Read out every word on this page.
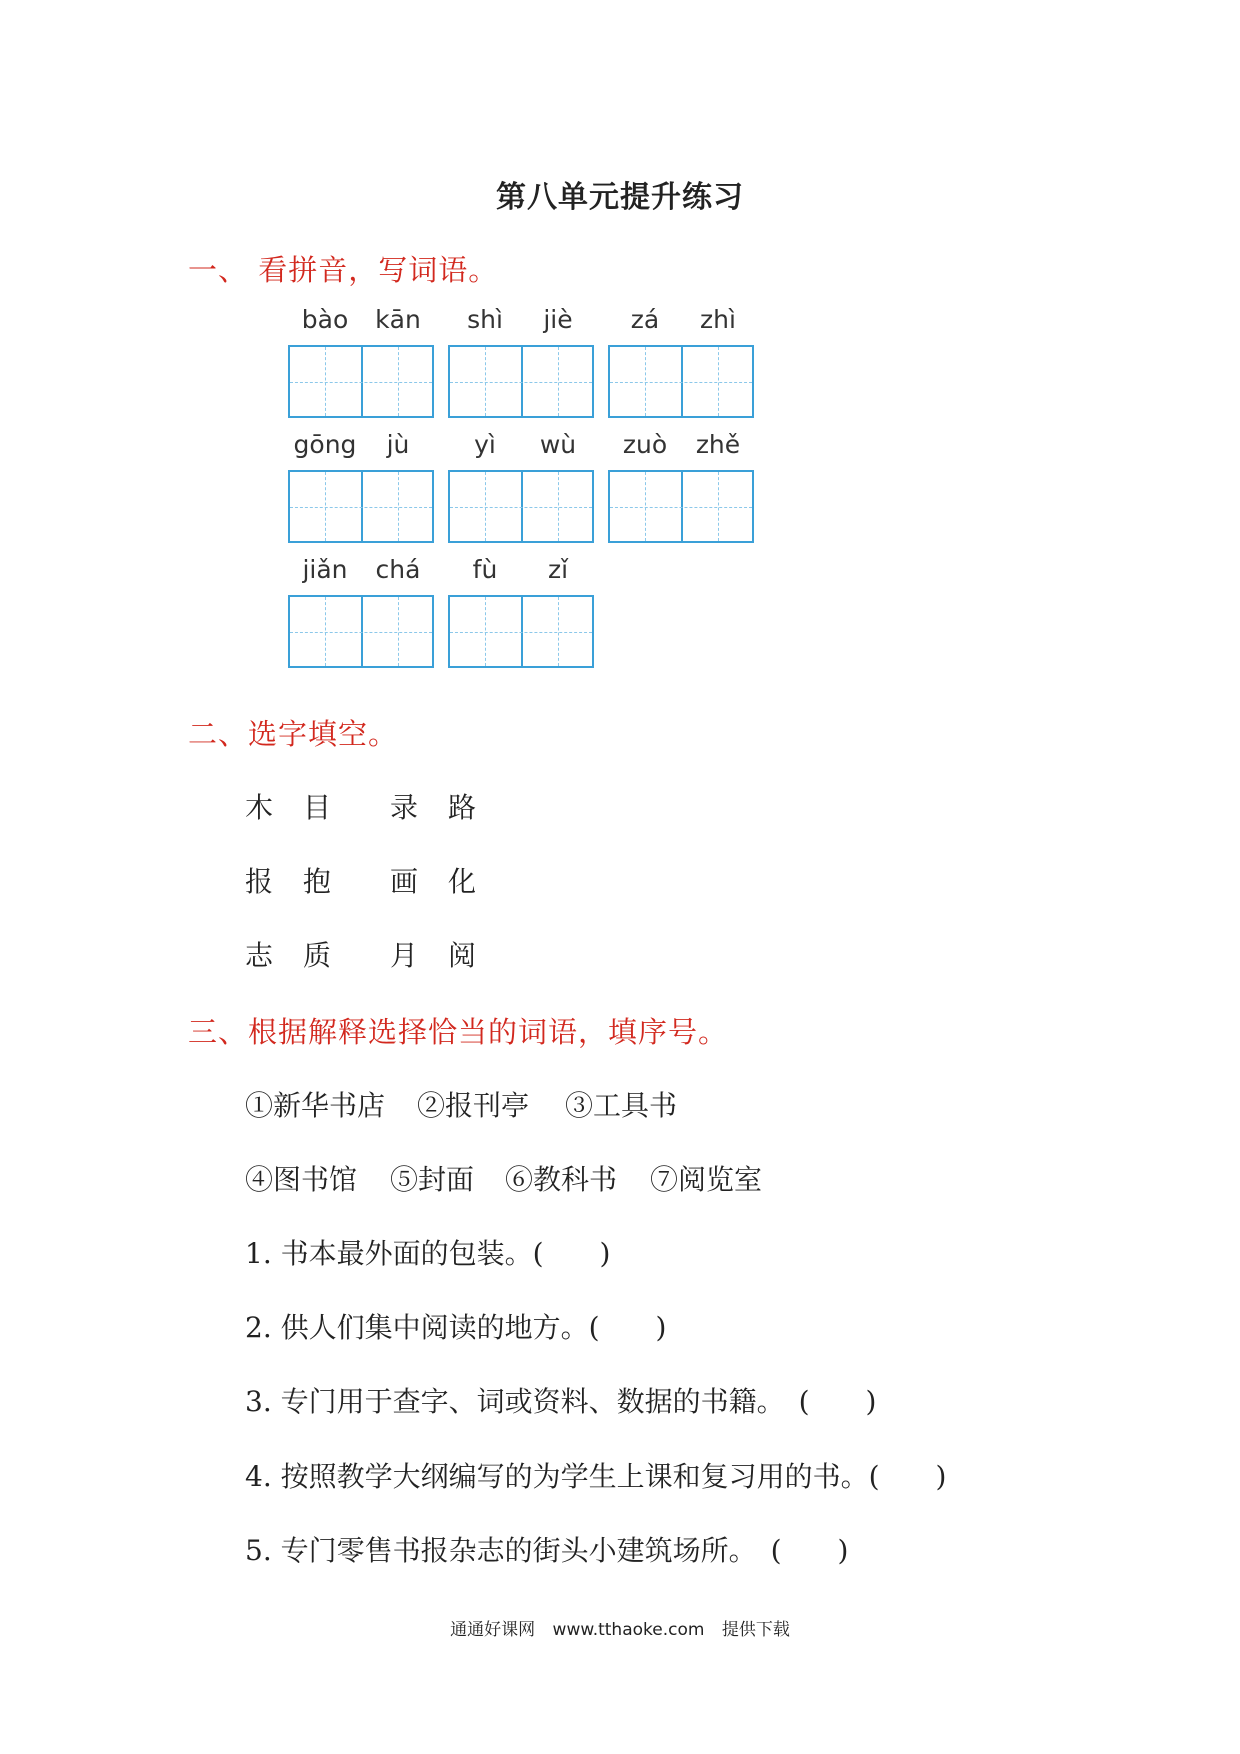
第八单元提升练习
一、 看拼音，写词语。
bào	kān	shì	jiè	zá	zhì
gōng	jù	yì	wù	zuò	zhě
jiǎn	chá	fù	zǐ
二、选字填空。
木 目 录 路
报 抱 画 化
志 质 月 阅
三、根据解释选择恰当的词语，填序号。
①新华书店 ②报刊亭 ③工具书
④图书馆 ⑤封面 ⑥教科书 ⑦阅览室
1. 书本最外面的包装。(　　)
2. 供人们集中阅读的地方。(　　)
3. 专门用于查字、词或资料、数据的书籍。　(　　)
4. 按照教学大纲编写的为学生上课和复习用的书。(　　)
5. 专门零售书报杂志的街头小建筑场所。　(　　)
通通好课网 www.tthaoke.com 提供下载
